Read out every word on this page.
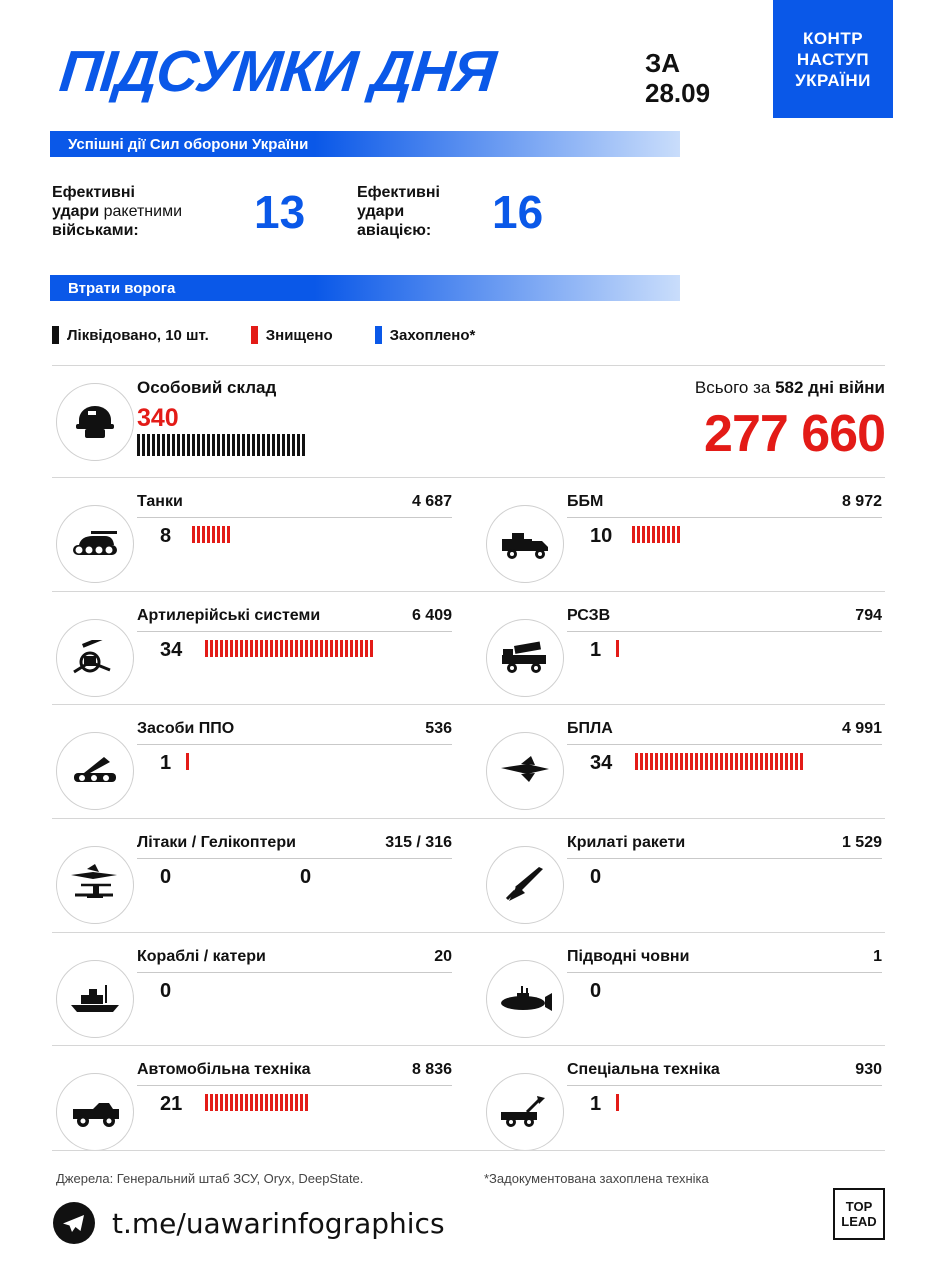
КОНТР
НАСТУП
УКРАЇНИ
ПІДСУМКИ ДНЯ	ЗА
28.09
Успішні дії Сил оборони України
Ефективні
удари ракетними
військами:	13	Ефективні
удари
авіацією: 16
Втрати ворога
Ліквідовано, 10 шт.	Знищено	Захоплено*
Особовий склад
340
Всього за 582 дні війни
277 660
Танки	4 687
8
ББМ	8 972
10
Артилерійські системи	6 409
34
РСЗВ	794
1
Засоби ППО	536
1
БПЛА	4 991
34
Літаки / Гелікоптери	315 / 316
0	0
Крилаті ракети	1 529
0
Кораблі / катери	20
0
Підводні човни	1
0
Автомобільна техніка	8 836
21
Спеціальна техніка	930
1
Джерела: Генеральний штаб ЗСУ, Oryx, DeepState.	*Задокументована захоплена техніка
t.me/uawarinfographics	TOP
LEAD
